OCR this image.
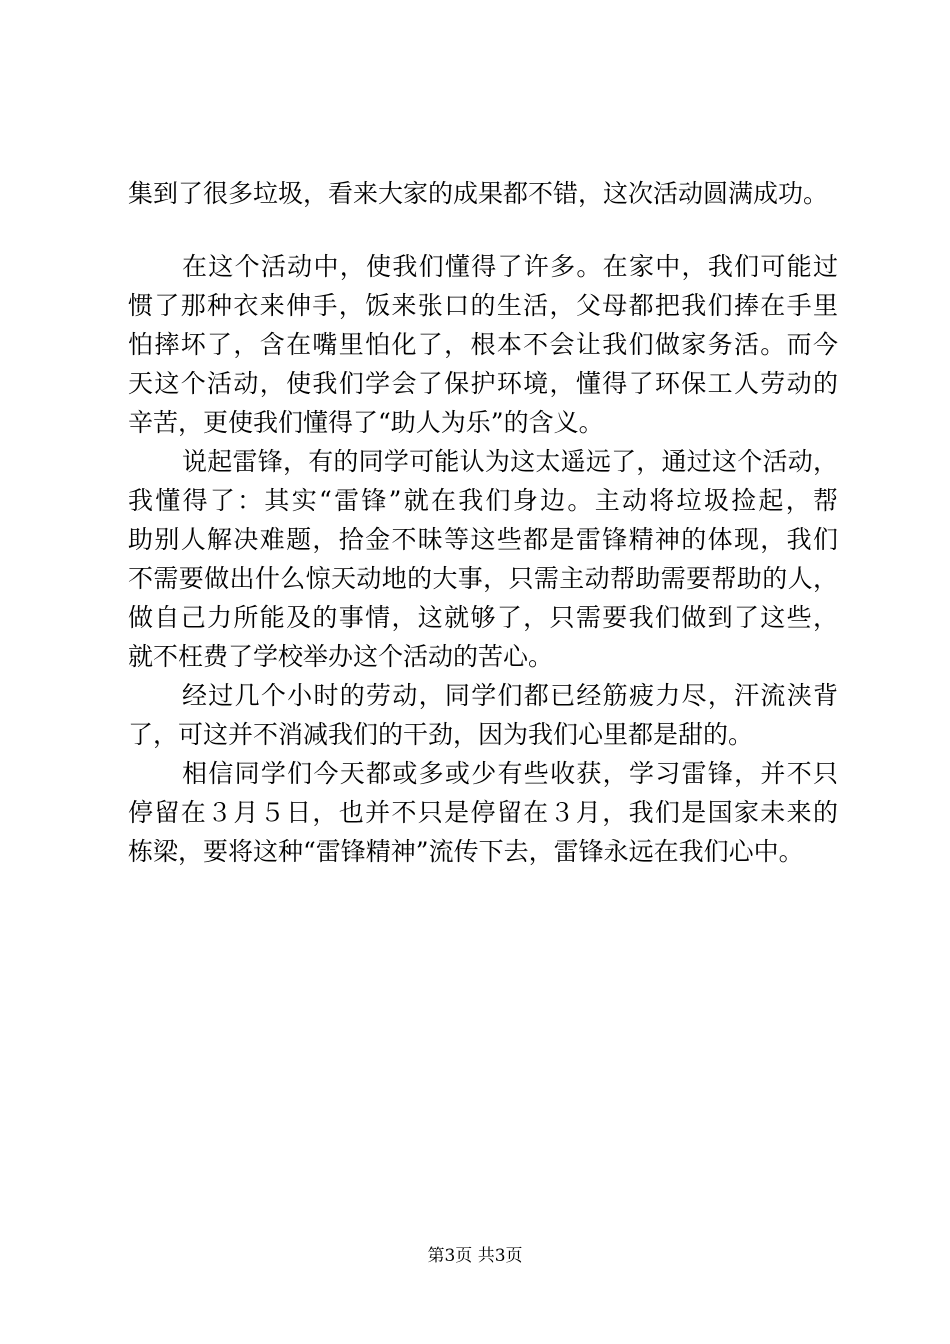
集到了很多垃圾，看来大家的成果都不错，这次活动圆满成功。
在这个活动中，使我们懂得了许多。在家中，我们可能过
惯了那种衣来伸手，饭来张口的生活，父母都把我们捧在手里
怕摔坏了，含在嘴里怕化了，根本不会让我们做家务活。而今
天这个活动，使我们学会了保护环境，懂得了环保工人劳动的
辛苦，更使我们懂得了“助人为乐”的含义。
说起雷锋，有的同学可能认为这太遥远了，通过这个活动，
我懂得了：其实“雷锋”就在我们身边。主动将垃圾捡起，帮
助别人解决难题，拾金不昧等这些都是雷锋精神的体现，我们
不需要做出什么惊天动地的大事，只需主动帮助需要帮助的人，
做自己力所能及的事情，这就够了，只需要我们做到了这些，
就不枉费了学校举办这个活动的苦心。
经过几个小时的劳动，同学们都已经筋疲力尽，汗流浃背
了，可这并不消减我们的干劲，因为我们心里都是甜的。
相信同学们今天都或多或少有些收获，学习雷锋，并不只
停留在３月５日，也并不只是停留在３月，我们是国家未来的
栋梁，要将这种“雷锋精神”流传下去，雷锋永远在我们心中。
第3页 共3页
